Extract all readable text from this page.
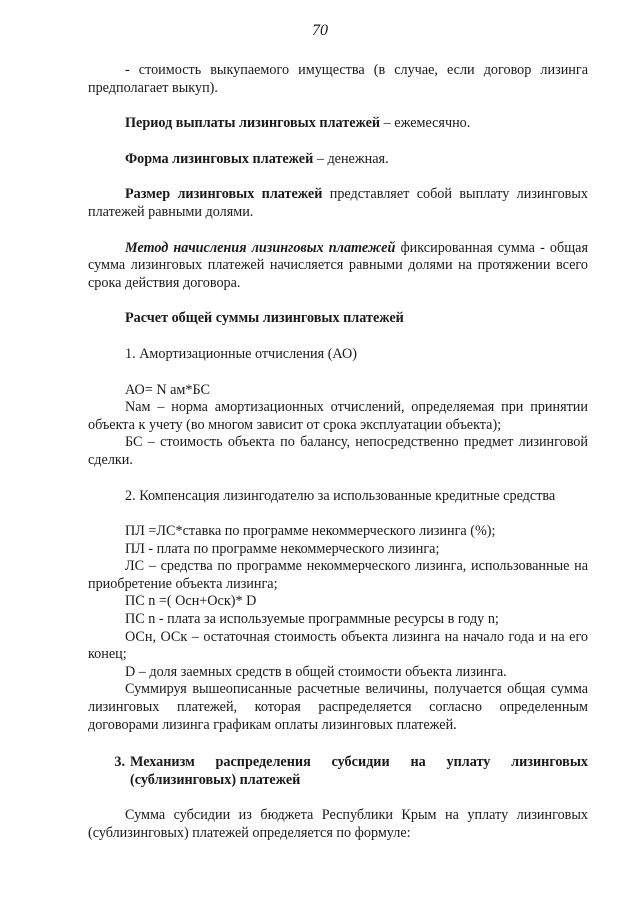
70

- стоимость выкупаемого имущества (в случае, если договор лизинга предполагает выкуп).

Период выплаты лизинговых платежей – ежемесячно.

Форма лизинговых платежей – денежная.

Размер лизинговых платежей представляет собой выплату лизинговых платежей равными долями.

Метод начисления лизинговых платежей фиксированная сумма - общая сумма лизинговых платежей начисляется равными долями на протяжении всего срока действия договора.

Расчет общей суммы лизинговых платежей

1. Амортизационные отчисления (АО)

АО= N ам*БС

Nам – норма амортизационных отчислений, определяемая при принятии объекта к учету (во многом зависит от срока эксплуатации объекта);

БС – стоимость объекта по балансу, непосредственно предмет лизинговой сделки.

2. Компенсация лизингодателю за использованные кредитные средства

ПЛ =ЛС*ставка по программе некоммерческого лизинга (%);

ПЛ - плата по программе некоммерческого лизинга;

ЛС – средства по программе некоммерческого лизинга, использованные на приобретение объекта лизинга;

ПС n =( Осн+Оск)* D

ПС n - плата за используемые программные ресурсы в году n;

ОСн, ОСк – остаточная стоимость объекта лизинга на начало года и на его конец;

D – доля заемных средств в общей стоимости объекта лизинга.

Суммируя вышеописанные расчетные величины, получается общая сумма лизинговых платежей, которая распределяется согласно определенным договорами лизинга графикам оплаты лизинговых платежей.

3. Механизм распределения субсидии на уплату лизинговых (сублизинговых) платежей

Сумма субсидии из бюджета Республики Крым на уплату лизинговых (сублизинговых) платежей определяется по формуле:
